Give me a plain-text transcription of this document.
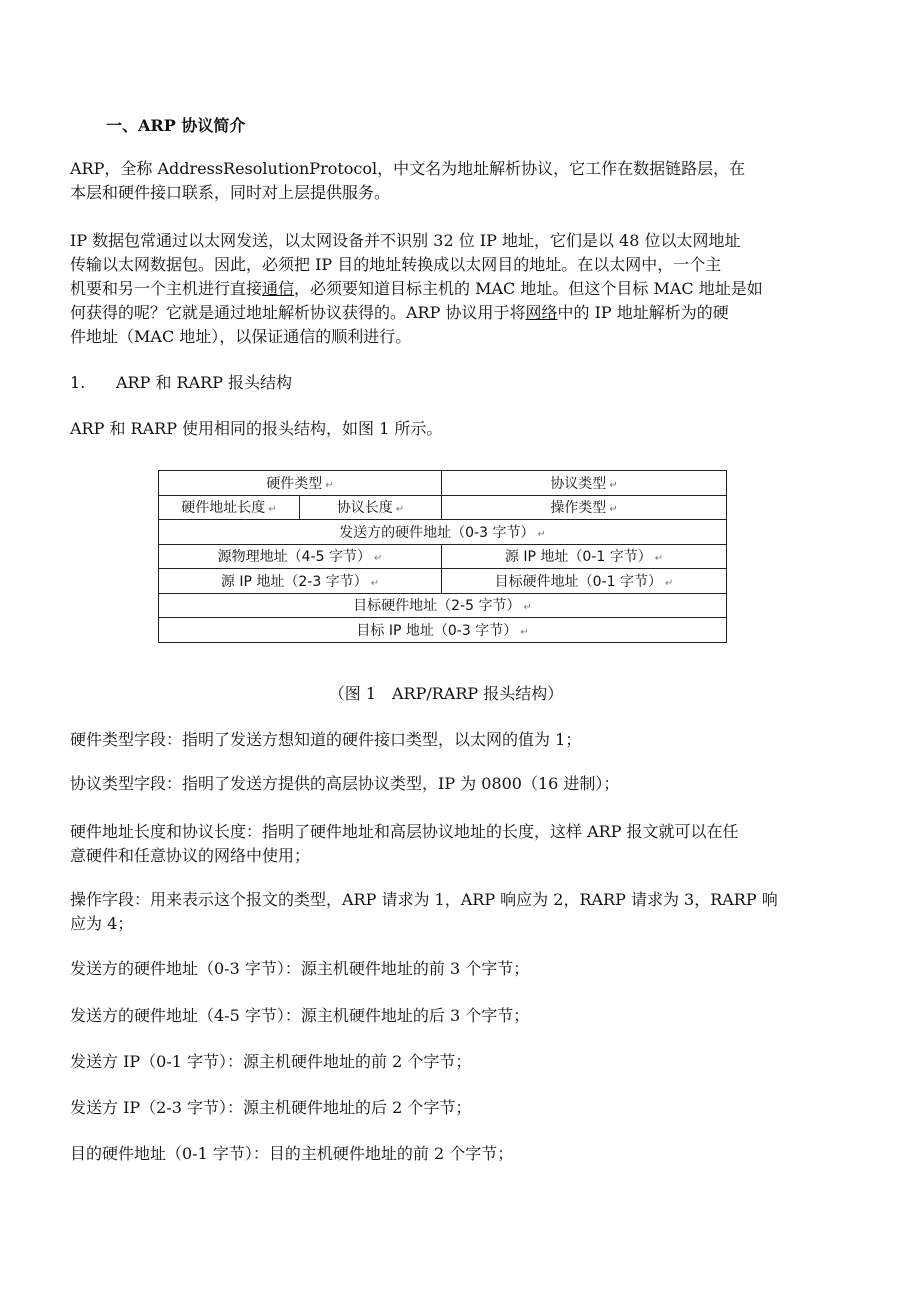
一、ARP 协议简介
ARP，全称 AddressResolutionProtocol，中文名为地址解析协议，它工作在数据链路层，在
本层和硬件接口联系，同时对上层提供服务。
IP 数据包常通过以太网发送，以太网设备并不识别 32 位 IP 地址，它们是以 48 位以太网地址
传输以太网数据包。因此，必须把 IP 目的地址转换成以太网目的地址。在以太网中，一个主
机要和另一个主机进行直接通信，必须要知道目标主机的 MAC 地址。但这个目标 MAC 地址是如
何获得的呢？它就是通过地址解析协议获得的。ARP 协议用于将网络中的 IP 地址解析为的硬
件地址（MAC 地址），以保证通信的顺利进行。
1. ARP 和 RARP 报头结构
ARP 和 RARP 使用相同的报头结构，如图 1 所示。
（图 1　ARP/RARP 报头结构）
硬件类型字段：指明了发送方想知道的硬件接口类型，以太网的值为 1；
协议类型字段：指明了发送方提供的高层协议类型，IP 为 0800（16 进制）；
硬件地址长度和协议长度：指明了硬件地址和高层协议地址的长度，这样 ARP 报文就可以在任
意硬件和任意协议的网络中使用；
操作字段：用来表示这个报文的类型，ARP 请求为 1，ARP 响应为 2，RARP 请求为 3，RARP 响
应为 4；
发送方的硬件地址（0-3 字节）：源主机硬件地址的前 3 个字节；
发送方的硬件地址（4-5 字节）：源主机硬件地址的后 3 个字节；
发送方 IP（0-1 字节）：源主机硬件地址的前 2 个字节；
发送方 IP（2-3 字节）：源主机硬件地址的后 2 个字节；
目的硬件地址（0-1 字节）：目的主机硬件地址的前 2 个字节；
硬件类型 ↵		协议类型 ↵
硬件地址长度 ↵	协议长度 ↵	操作类型 ↵
发送方的硬件地址（0-3 字节） ↵		
源物理地址（4-5 字节） ↵		源 IP 地址（0-1 字节） ↵
源 IP 地址（2-3 字节） ↵		目标硬件地址（0-1 字节） ↵
目标硬件地址（2-5 字节） ↵		
目标 IP 地址（0-3 字节） ↵		
